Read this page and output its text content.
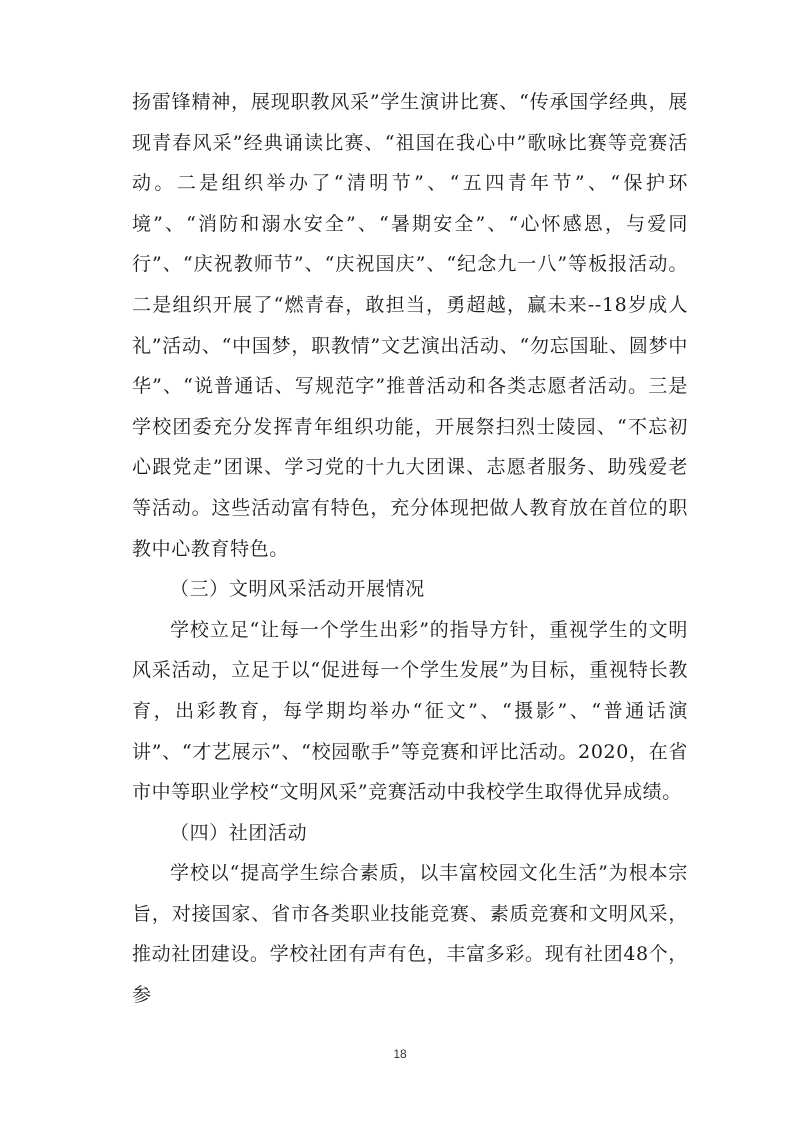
扬雷锋精神，展现职教风采”学生演讲比赛、“传承国学经典，展现青春风采”经典诵读比赛、“祖国在我心中”歌咏比赛等竞赛活动。二是组织举办了“清明节”、“五四青年节”、“保护环境”、“消防和溺水安全”、“暑期安全”、“心怀感恩，与爱同行”、“庆祝教师节”、“庆祝国庆”、“纪念九一八”等板报活动。二是组织开展了“燃青春，敢担当，勇超越，赢未来--18岁成人礼”活动、“中国梦，职教情”文艺演出活动、“勿忘国耻、圆梦中华”、“说普通话、写规范字”推普活动和各类志愿者活动。三是学校团委充分发挥青年组织功能，开展祭扫烈士陵园、“不忘初心跟党走”团课、学习党的十九大团课、志愿者服务、助残爱老等活动。这些活动富有特色，充分体现把做人教育放在首位的职教中心教育特色。

（三）文明风采活动开展情况

学校立足“让每一个学生出彩”的指导方针，重视学生的文明风采活动，立足于以“促进每一个学生发展”为目标，重视特长教育，出彩教育，每学期均举办“征文”、“摄影”、“普通话演讲”、“才艺展示”、“校园歌手”等竞赛和评比活动。2020，在省市中等职业学校“文明风采”竞赛活动中我校学生取得优异成绩。

（四）社团活动

学校以“提高学生综合素质，以丰富校园文化生活”为根本宗旨，对接国家、省市各类职业技能竞赛、素质竞赛和文明风采，推动社团建设。学校社团有声有色，丰富多彩。现有社团48个，参

18
